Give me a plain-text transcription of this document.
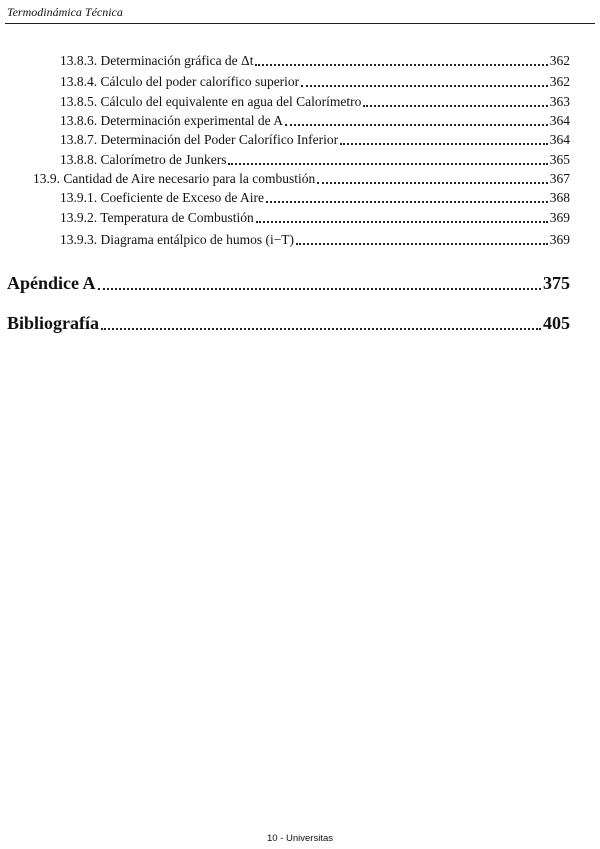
Termodinámica Técnica
13.8.3. Determinación gráfica de Δt	362
13.8.4. Cálculo del poder calorífico superior	362
13.8.5. Cálculo del equivalente en agua del Calorímetro	363
13.8.6. Determinación experimental de A	364
13.8.7. Determinación del Poder Calorífico Inferior	364
13.8.8. Calorímetro de Junkers	365
13.9. Cantidad de Aire necesario para la combustión	367
13.9.1. Coeficiente de Exceso de Aire	368
13.9.2. Temperatura de Combustión	369
13.9.3. Diagrama entálpico de humos (i−T)	369
Apéndice A	375
Bibliografía	405
10 - Universitas
